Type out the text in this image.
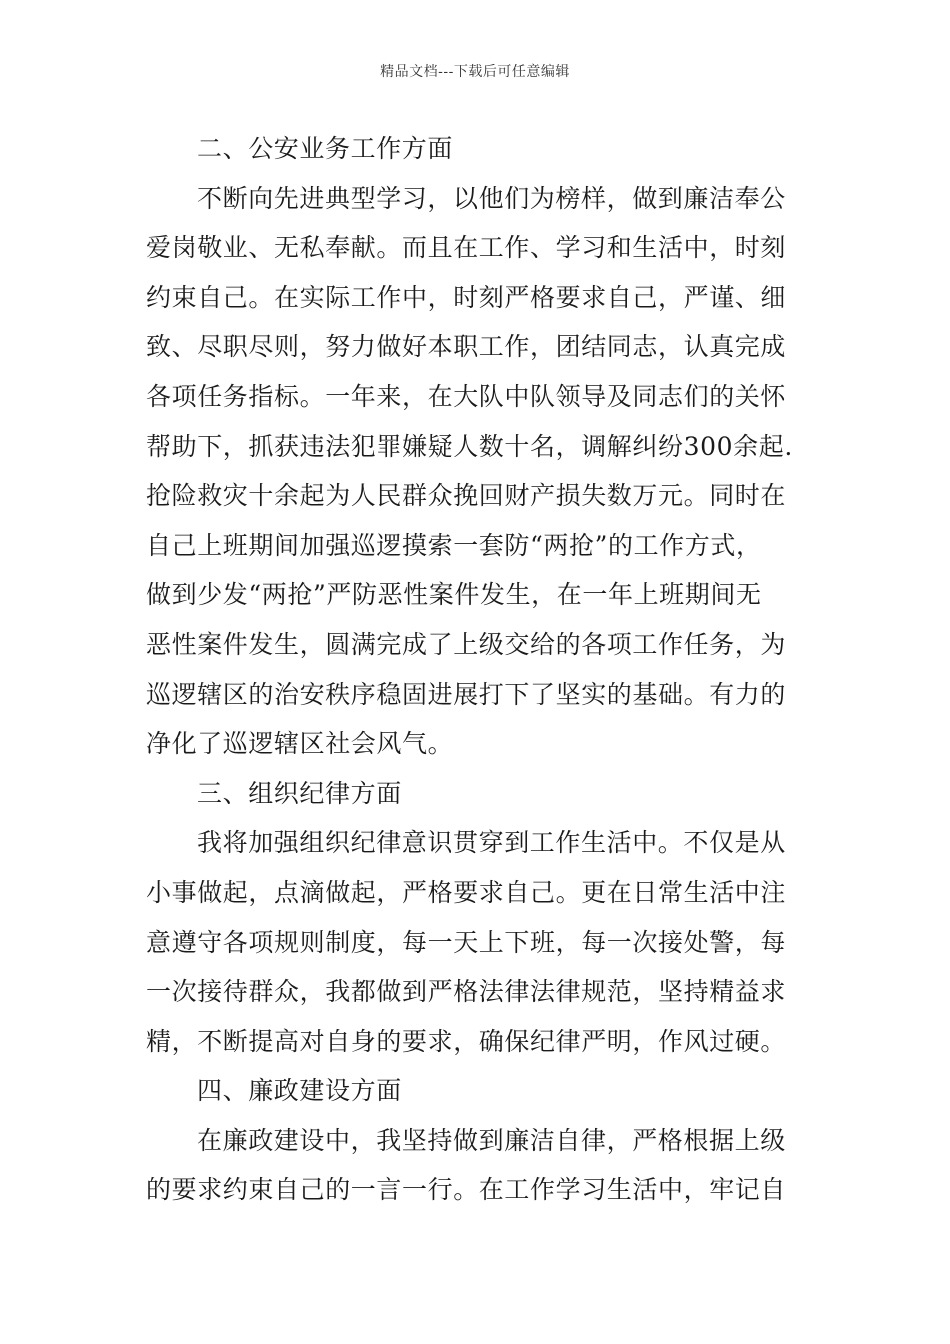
精品文档---下载后可任意编辑
二、公安业务工作方面
不断向先进典型学习，以他们为榜样，做到廉洁奉公
爱岗敬业、无私奉献。而且在工作、学习和生活中，时刻
约束自己。在实际工作中，时刻严格要求自己，严谨、细
致、尽职尽则，努力做好本职工作，团结同志，认真完成
各项任务指标。一年来，在大队中队领导及同志们的关怀
帮助下，抓获违法犯罪嫌疑人数十名，调解纠纷300余起.
抢险救灾十余起为人民群众挽回财产损失数万元。同时在
自己上班期间加强巡逻摸索一套防“两抢”的工作方式，
做到少发“两抢”严防恶性案件发生，在一年上班期间无
恶性案件发生，圆满完成了上级交给的各项工作任务，为
巡逻辖区的治安秩序稳固进展打下了坚实的基础。有力的
净化了巡逻辖区社会风气。
三、组织纪律方面
我将加强组织纪律意识贯穿到工作生活中。不仅是从
小事做起，点滴做起，严格要求自己。更在日常生活中注
意遵守各项规则制度，每一天上下班，每一次接处警，每
一次接待群众，我都做到严格法律法律规范，坚持精益求
精，不断提高对自身的要求，确保纪律严明，作风过硬。
四、廉政建设方面
在廉政建设中，我坚持做到廉洁自律，严格根据上级
的要求约束自己的一言一行。在工作学习生活中，牢记自
